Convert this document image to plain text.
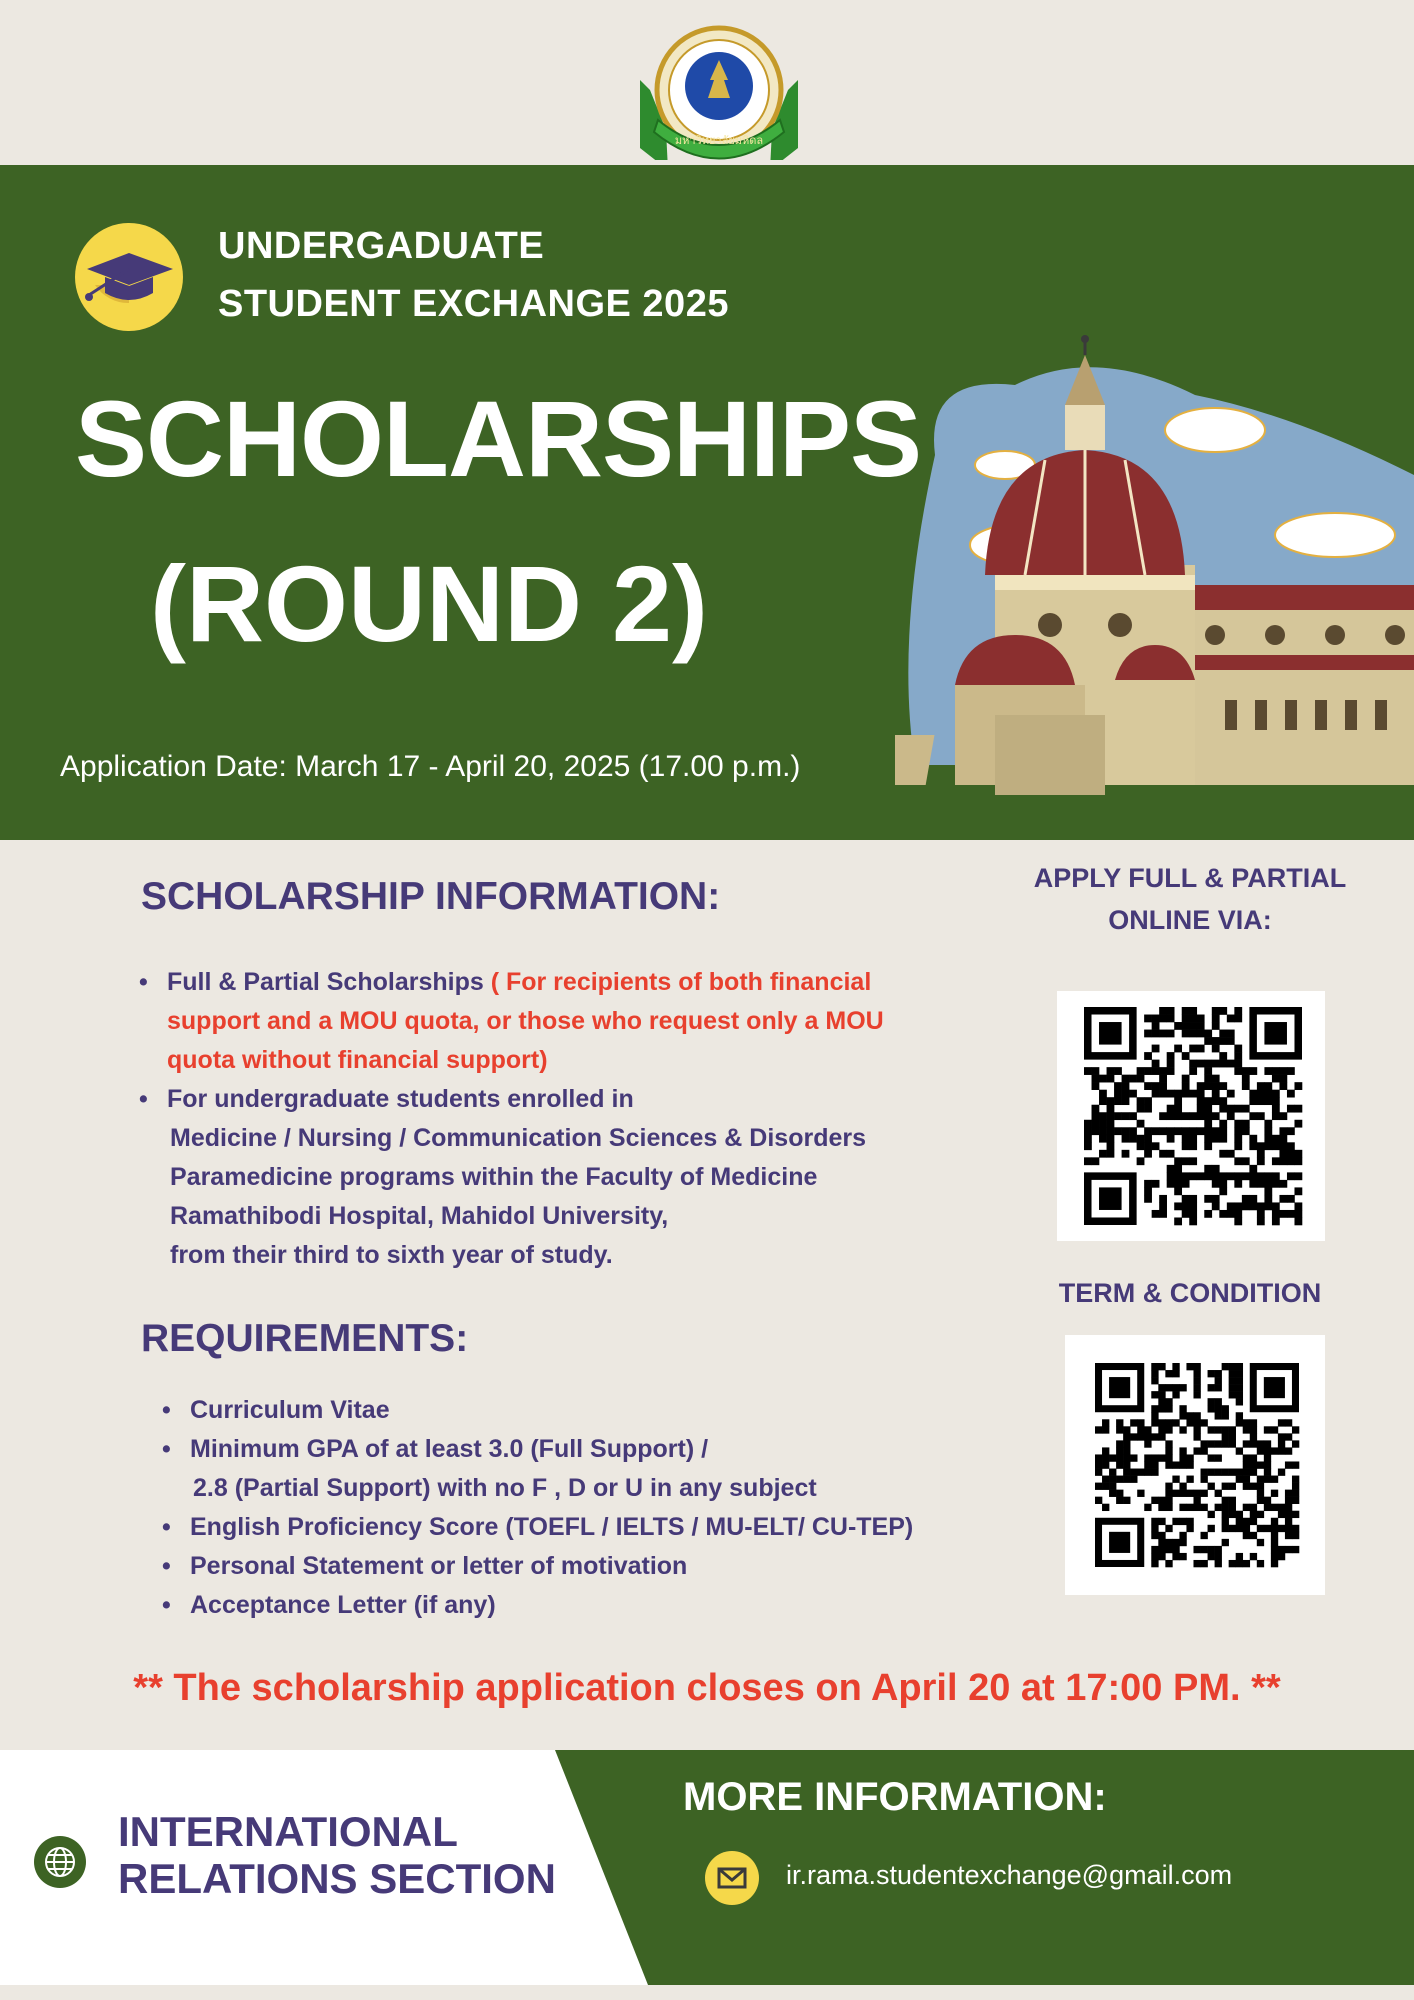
มหาวิทยาลัยมหิดล
UNDERGADUATE
STUDENT EXCHANGE 2025
SCHOLARSHIPS
(ROUND 2)
Application Date: March 17 - April 20, 2025 (17.00 p.m.)
SCHOLARSHIP INFORMATION:
• Full & Partial Scholarships ( For recipients of both financial
support and a MOU quota, or those who request only a MOU
quota without financial support)
• For undergraduate students enrolled in

Medicine / Nursing / Communication Sciences & Disorders
Paramedicine programs within the Faculty of Medicine
Ramathibodi Hospital, Mahidol University,
from their third to sixth year of study.
REQUIREMENTS:
• Curriculum Vitae
• Minimum GPA of at least 3.0 (Full Support) /

2.8 (Partial Support) with no F , D or U in any subject
• English Proficiency Score (TOEFL / IELTS / MU-ELT/ CU-TEP)
• Personal Statement or letter of motivation
• Acceptance Letter (if any)
APPLY FULL & PARTIAL
ONLINE VIA:
TERM & CONDITION
** The scholarship application closes on April 20 at 17:00 PM. **
INTERNATIONAL
RELATIONS SECTION
MORE INFORMATION:
ir.rama.studentexchange@gmail.com
